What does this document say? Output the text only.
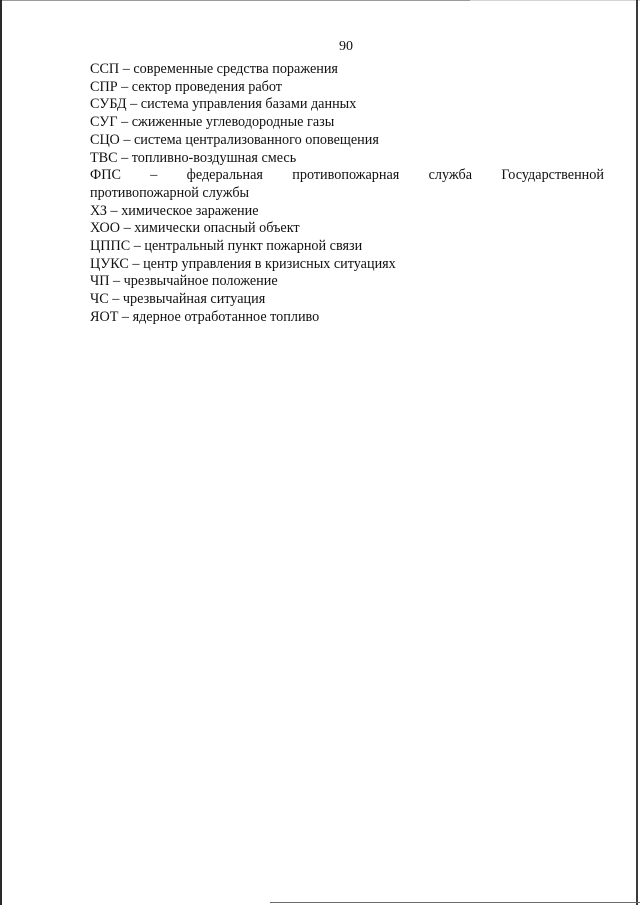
90
ССП – современные средства поражения
СПР – сектор проведения работ
СУБД – система управления базами данных
СУГ – сжиженные углеводородные газы
СЦО – система централизованного оповещения
ТВС – топливно-воздушная смесь
ФПС – федеральная противопожарная служба Государственной
противопожарной службы
ХЗ – химическое заражение
ХОО – химически опасный объект
ЦППС – центральный пункт пожарной связи
ЦУКС – центр управления в кризисных ситуациях
ЧП – чрезвычайное положение
ЧС – чрезвычайная ситуация
ЯОТ – ядерное отработанное топливо
